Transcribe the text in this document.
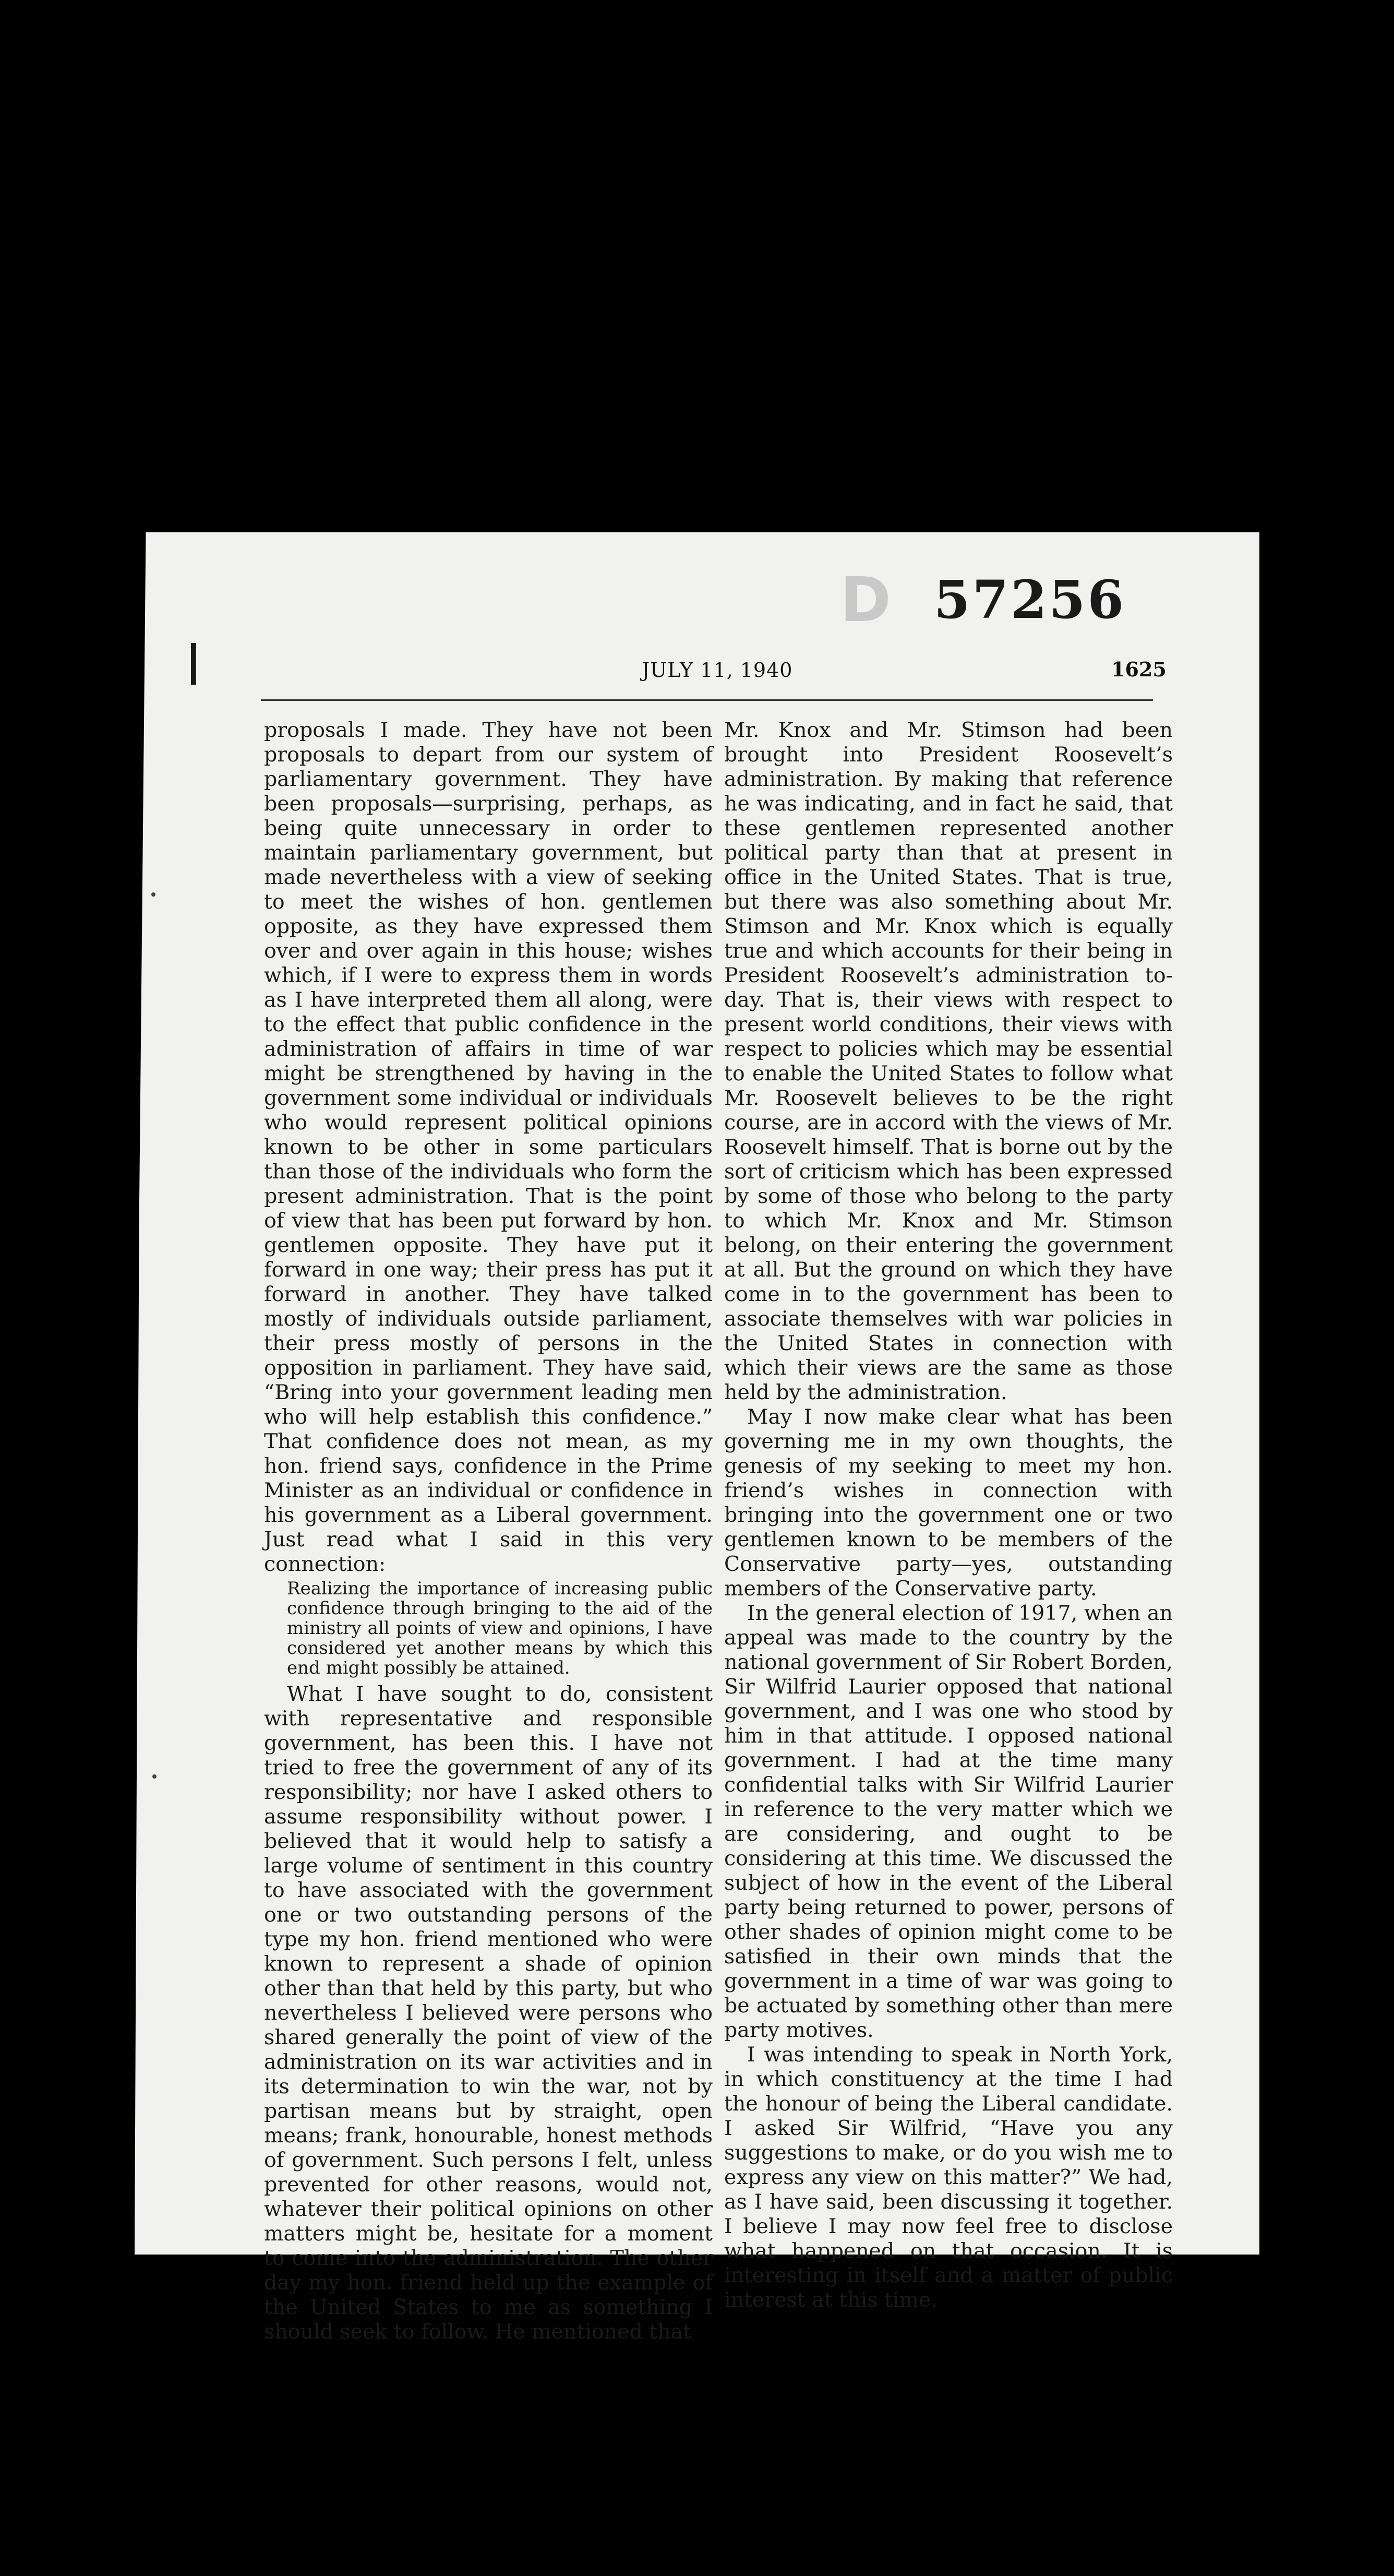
D 57256
JULY 11, 1940	1625

proposals I made. They have not been proposals to depart from our system of parliamentary government. They have been proposals—surprising, perhaps, as being quite unnecessary in order to maintain parliamentary government, but made nevertheless with a view of seeking to meet the wishes of hon. gentlemen opposite, as they have expressed them over and over again in this house; wishes which, if I were to express them in words as I have interpreted them all along, were to the effect that public confidence in the administration of affairs in time of war might be strengthened by having in the government some individual or individuals who would represent political opinions known to be other in some particulars than those of the individuals who form the present administration. That is the point of view that has been put forward by hon. gentlemen opposite. They have put it forward in one way; their press has put it forward in another. They have talked mostly of individuals outside parliament, their press mostly of persons in the opposition in parliament. They have said, “Bring into your government leading men who will help establish this confidence.” That confidence does not mean, as my hon. friend says, confidence in the Prime Minister as an individual or confidence in his government as a Liberal government. Just read what I said in this very connection:

Realizing the importance of increasing public confidence through bringing to the aid of the ministry all points of view and opinions, I have considered yet another means by which this end might possibly be attained.

What I have sought to do, consistent with representative and responsible government, has been this. I have not tried to free the government of any of its responsibility; nor have I asked others to assume responsibility without power. I believed that it would help to satisfy a large volume of sentiment in this country to have associated with the government one or two outstanding persons of the type my hon. friend mentioned who were known to represent a shade of opinion other than that held by this party, but who nevertheless I believed were persons who shared generally the point of view of the administration on its war activities and in its determination to win the war, not by partisan means but by straight, open means; frank, honourable, honest methods of government. Such persons I felt, unless prevented for other reasons, would not, whatever their political opinions on other matters might be, hesitate for a moment to come into the administration. The other day my hon. friend held up the example of the United States to me as something I should seek to follow. He mentioned that

Mr. Knox and Mr. Stimson had been brought into President Roosevelt’s administration. By making that reference he was indicating, and in fact he said, that these gentlemen represented another political party than that at present in office in the United States. That is true, but there was also something about Mr. Stimson and Mr. Knox which is equally true and which accounts for their being in President Roosevelt’s administration to-day. That is, their views with respect to present world conditions, their views with respect to policies which may be essential to enable the United States to follow what Mr. Roosevelt believes to be the right course, are in accord with the views of Mr. Roosevelt himself. That is borne out by the sort of criticism which has been expressed by some of those who belong to the party to which Mr. Knox and Mr. Stimson belong, on their entering the government at all. But the ground on which they have come in to the government has been to associate themselves with war policies in the United States in connection with which their views are the same as those held by the administration.

May I now make clear what has been governing me in my own thoughts, the genesis of my seeking to meet my hon. friend’s wishes in connection with bringing into the government one or two gentlemen known to be members of the Conservative party—yes, outstanding members of the Conservative party.

In the general election of 1917, when an appeal was made to the country by the national government of Sir Robert Borden, Sir Wilfrid Laurier opposed that national government, and I was one who stood by him in that attitude. I opposed national government. I had at the time many confidential talks with Sir Wilfrid Laurier in reference to the very matter which we are considering, and ought to be considering at this time. We discussed the subject of how in the event of the Liberal party being returned to power, persons of other shades of opinion might come to be satisfied in their own minds that the government in a time of war was going to be actuated by something other than mere party motives.

I was intending to speak in North York, in which constituency at the time I had the honour of being the Liberal candidate. I asked Sir Wilfrid, “Have you any suggestions to make, or do you wish me to express any view on this matter?” We had, as I have said, been discussing it together. I believe I may now feel free to disclose what happened on that occasion. It is interesting in itself and a matter of public interest at this time.
